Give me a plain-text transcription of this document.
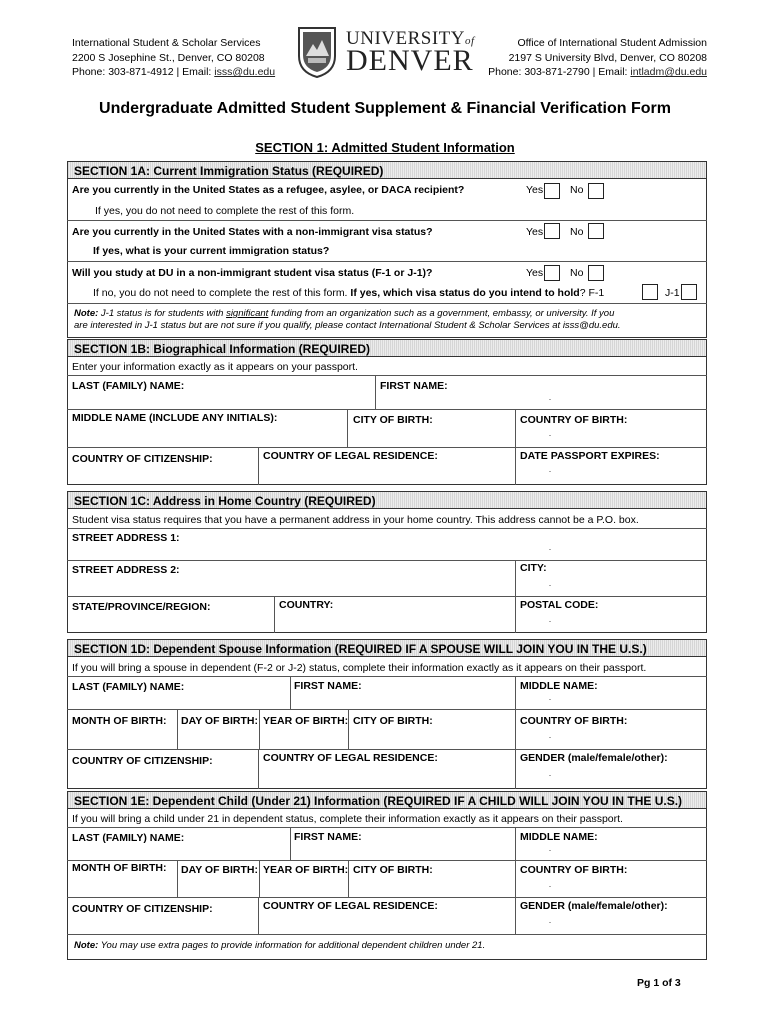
International Student & Scholar Services
2200 S Josephine St., Denver, CO 80208
Phone: 303-871-4912 | Email: isss@du.edu
UNIVERSITYof
DENVER
Office of International Student Admission
2197 S University Blvd, Denver, CO 80208
Phone: 303-871-2790 | Email: intladm@du.edu
Undergraduate Admitted Student Supplement & Financial Verification Form
SECTION 1: Admitted Student Information
SECTION 1A: Current Immigration Status (REQUIRED)
Are you currently in the United States as a refugee, asylee, or DACA recipient?	Yes	No
If yes, you do not need to complete the rest of this form.
Are you currently in the United States with a non-immigrant visa status?	Yes	No
If yes, what is your current immigration status?
Will you study at DU in a non-immigrant student visa status (F-1 or J-1)?	Yes	No
If no, you do not need to complete the rest of this form. If yes, which visa status do you intend to hold? F-1	J-1
Note: J-1 status is for students with significant funding from an organization such as a government, embassy, or university. If you
are interested in J-1 status but are not sure if you qualify, please contact International Student & Scholar Services at isss@du.edu.
SECTION 1B: Biographical Information (REQUIRED)
Enter your information exactly as it appears on your passport.
LAST (FAMILY) NAME:	FIRST NAME:
MIDDLE NAME (INCLUDE ANY INITIALS):	CITY OF BIRTH:	COUNTRY OF BIRTH:
COUNTRY OF CITIZENSHIP:	COUNTRY OF LEGAL RESIDENCE:	DATE PASSPORT EXPIRES:
SECTION 1C: Address in Home Country (REQUIRED)
Student visa status requires that you have a permanent address in your home country. This address cannot be a P.O. box.
STREET ADDRESS 1:
STREET ADDRESS 2:	CITY:
STATE/PROVINCE/REGION:	COUNTRY:	POSTAL CODE:
SECTION 1D: Dependent Spouse Information (REQUIRED IF A SPOUSE WILL JOIN YOU IN THE U.S.)
If you will bring a spouse in dependent (F-2 or J-2) status, complete their information exactly as it appears on their passport.
LAST (FAMILY) NAME:	FIRST NAME:	MIDDLE NAME:
MONTH OF BIRTH: DAY OF BIRTH: YEAR OF BIRTH: CITY OF BIRTH:	COUNTRY OF BIRTH:
COUNTRY OF CITIZENSHIP:	COUNTRY OF LEGAL RESIDENCE:	GENDER (male/female/other):
SECTION 1E: Dependent Child (Under 21) Information (REQUIRED IF A CHILD WILL JOIN YOU IN THE U.S.)
If you will bring a child under 21 in dependent status, complete their information exactly as it appears on their passport.
LAST (FAMILY) NAME:	FIRST NAME:	MIDDLE NAME:
MONTH OF BIRTH: DAY OF BIRTH: YEAR OF BIRTH: CITY OF BIRTH:	COUNTRY OF BIRTH:
COUNTRY OF CITIZENSHIP:	COUNTRY OF LEGAL RESIDENCE:	GENDER (male/female/other):
Note: You may use extra pages to provide information for additional dependent children under 21.
Pg 1 of 3
